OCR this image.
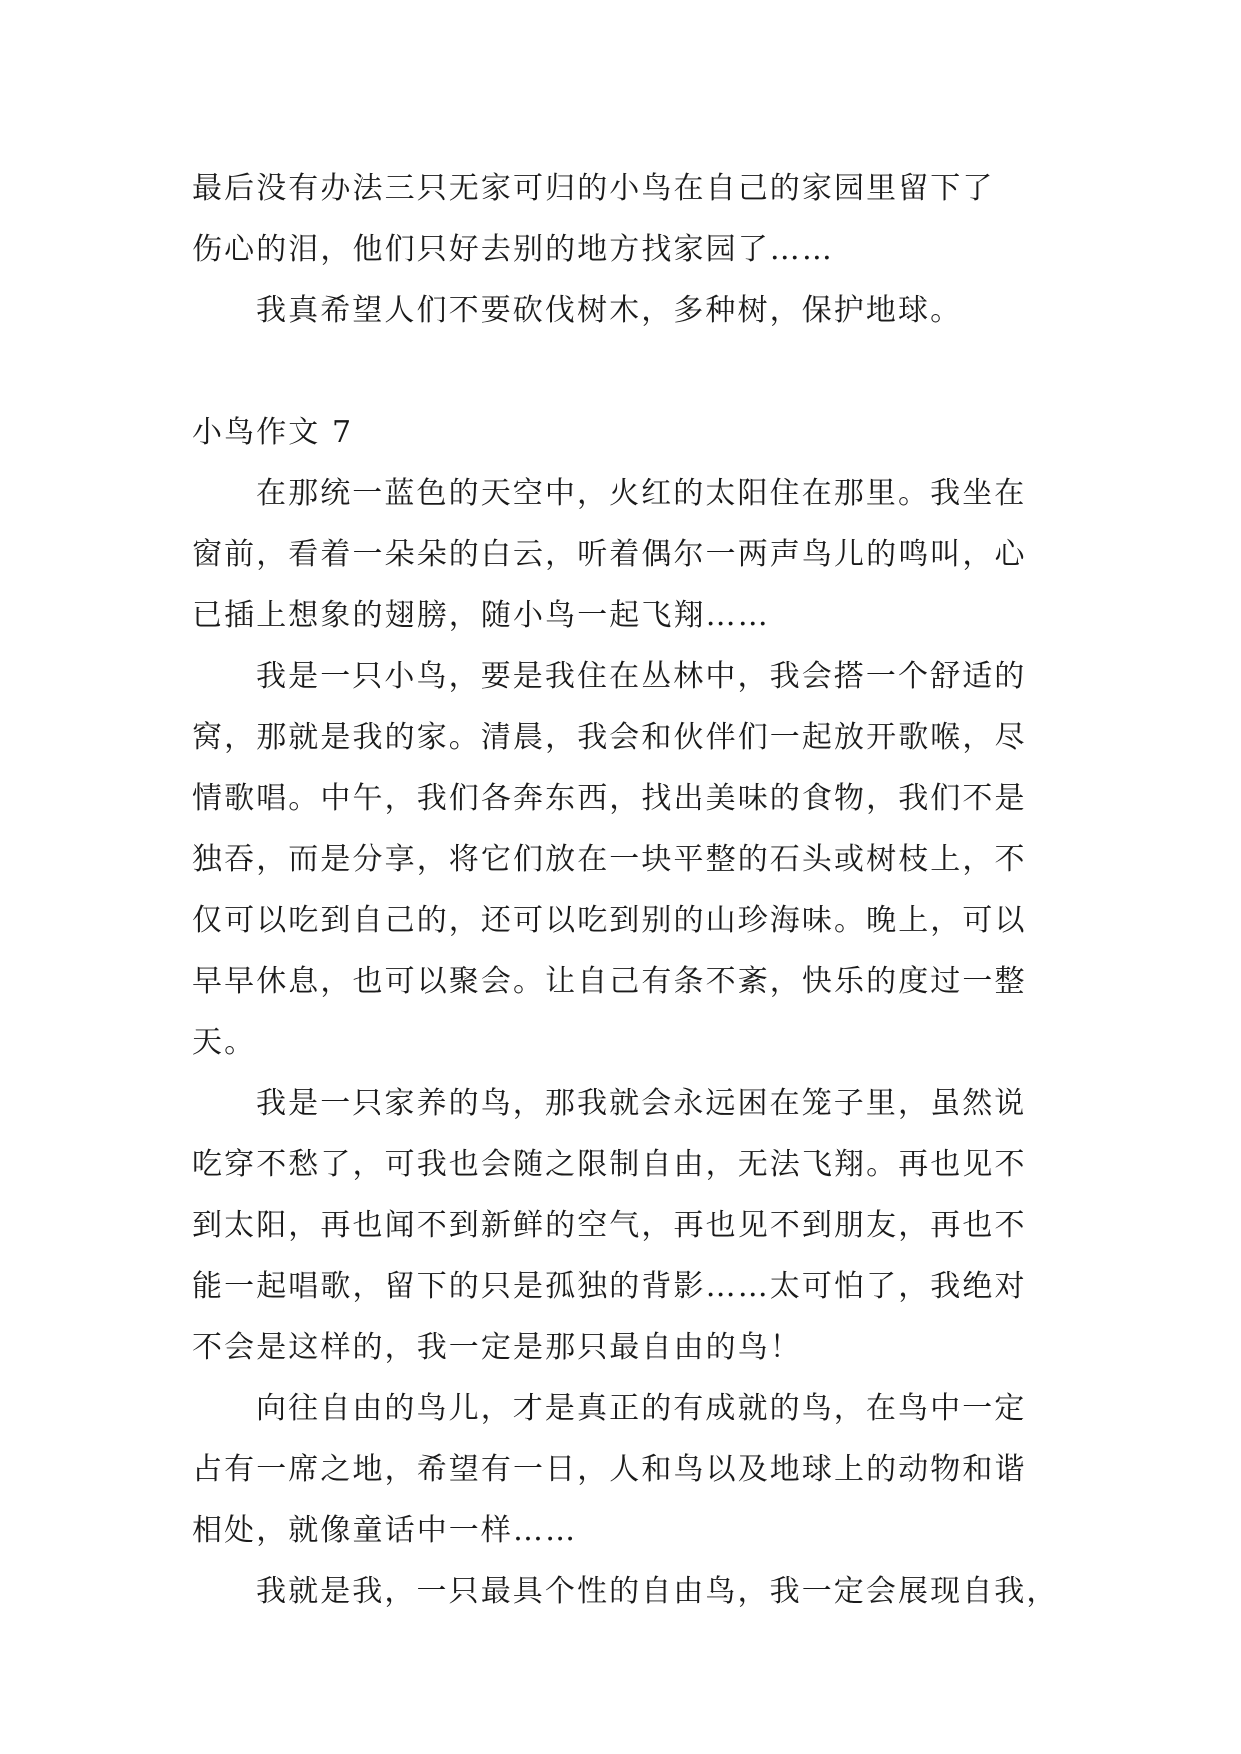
最后没有办法三只无家可归的小鸟在自己的家园里留下了
伤心的泪，他们只好去别的地方找家园了……
我真希望人们不要砍伐树木，多种树，保护地球。
小鸟作文 7
在那统一蓝色的天空中，火红的太阳住在那里。我坐在
窗前，看着一朵朵的白云，听着偶尔一两声鸟儿的鸣叫，心
已插上想象的翅膀，随小鸟一起飞翔……
我是一只小鸟，要是我住在丛林中，我会搭一个舒适的
窝，那就是我的家。清晨，我会和伙伴们一起放开歌喉，尽
情歌唱。中午，我们各奔东西，找出美味的食物，我们不是
独吞，而是分享，将它们放在一块平整的石头或树枝上，不
仅可以吃到自己的，还可以吃到别的山珍海味。晚上，可以
早早休息，也可以聚会。让自己有条不紊，快乐的度过一整
天。
我是一只家养的鸟，那我就会永远困在笼子里，虽然说
吃穿不愁了，可我也会随之限制自由，无法飞翔。再也见不
到太阳，再也闻不到新鲜的空气，再也见不到朋友，再也不
能一起唱歌，留下的只是孤独的背影……太可怕了，我绝对
不会是这样的，我一定是那只最自由的鸟！
向往自由的鸟儿，才是真正的有成就的鸟，在鸟中一定
占有一席之地，希望有一日，人和鸟以及地球上的动物和谐
相处，就像童话中一样……
我就是我，一只最具个性的自由鸟，我一定会展现自我，
